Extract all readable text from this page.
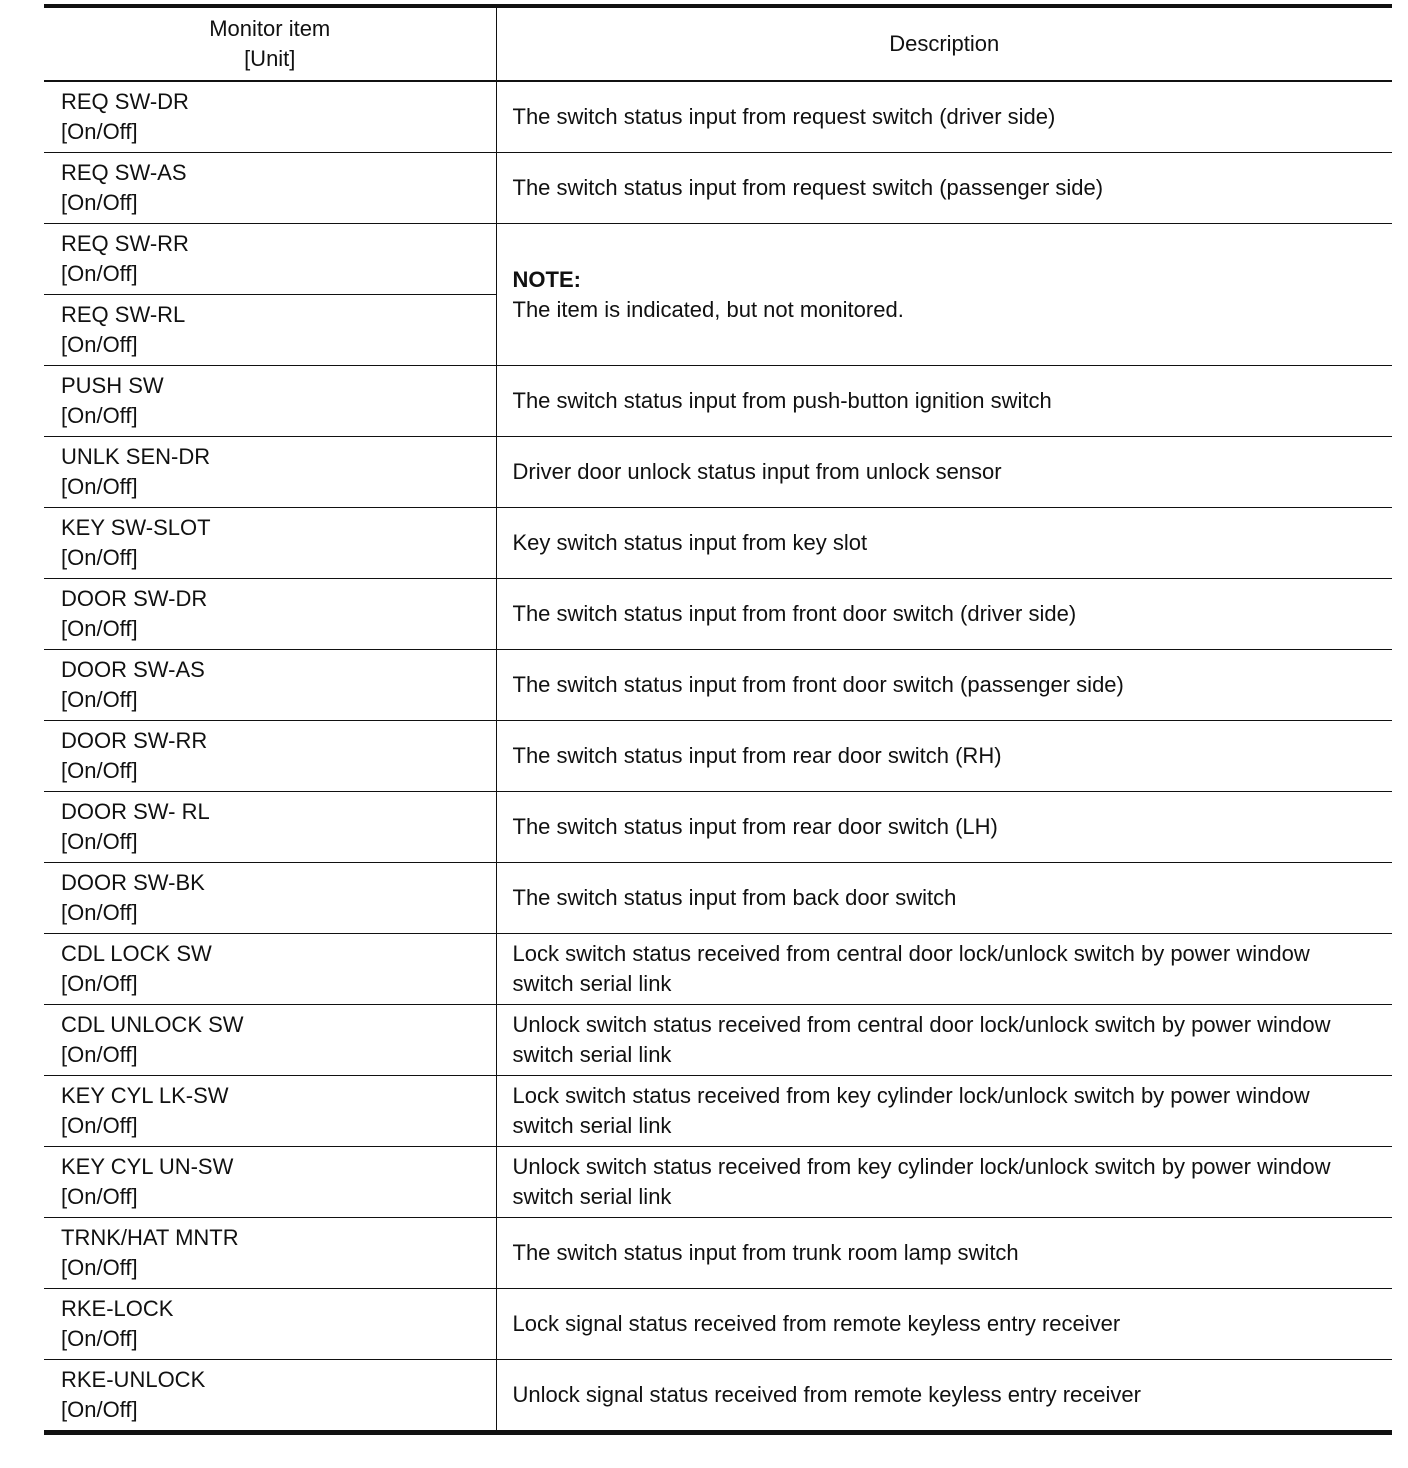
Monitor item
[Unit]	Description

REQ SW-DR
[On/Off]	The switch status input from request switch (driver side)

REQ SW-AS
[On/Off]	The switch status input from request switch (passenger side)

REQ SW-RR
[On/Off]	NOTE:
The item is indicated, but not monitored.

REQ SW-RL
[On/Off]	

PUSH SW
[On/Off]	The switch status input from push-button ignition switch

UNLK SEN-DR
[On/Off]	Driver door unlock status input from unlock sensor

KEY SW-SLOT
[On/Off]	Key switch status input from key slot

DOOR SW-DR
[On/Off]	The switch status input from front door switch (driver side)

DOOR SW-AS
[On/Off]	The switch status input from front door switch (passenger side)

DOOR SW-RR
[On/Off]	The switch status input from rear door switch (RH)

DOOR SW- RL
[On/Off]	The switch status input from rear door switch (LH)

DOOR SW-BK
[On/Off]	The switch status input from back door switch

CDL LOCK SW
[On/Off]	Lock switch status received from central door lock/unlock switch by power window
switch serial link

CDL UNLOCK SW
[On/Off]	Unlock switch status received from central door lock/unlock switch by power window
switch serial link

KEY CYL LK-SW
[On/Off]	Lock switch status received from key cylinder lock/unlock switch by power window
switch serial link

KEY CYL UN-SW
[On/Off]	Unlock switch status received from key cylinder lock/unlock switch by power window
switch serial link

TRNK/HAT MNTR
[On/Off]	The switch status input from trunk room lamp switch

RKE-LOCK
[On/Off]	Lock signal status received from remote keyless entry receiver

RKE-UNLOCK
[On/Off]	Unlock signal status received from remote keyless entry receiver
